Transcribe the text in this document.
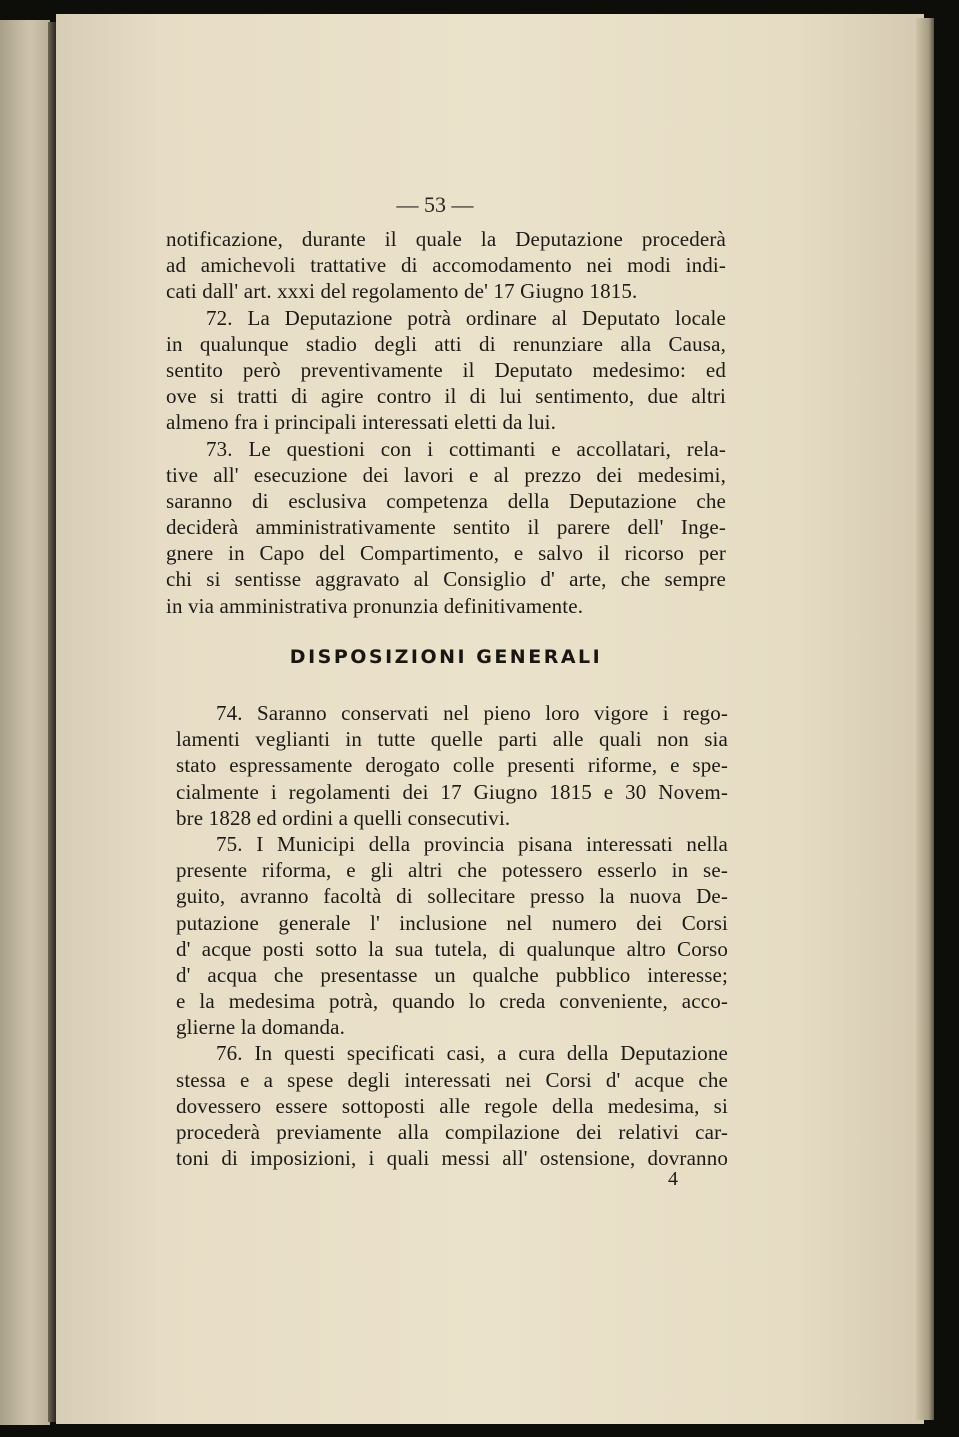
— 53 —
notificazione, durante il quale la Deputazione procederà
ad amichevoli trattative di accomodamento nei modi indi-
cati dall' art. xxxi del regolamento de' 17 Giugno 1815.
72. La Deputazione potrà ordinare al Deputato locale
in qualunque stadio degli atti di renunziare alla Causa,
sentito però preventivamente il Deputato medesimo: ed
ove si tratti di agire contro il di lui sentimento, due altri
almeno fra i principali interessati eletti da lui.
73. Le questioni con i cottimanti e accollatari, rela-
tive all' esecuzione dei lavori e al prezzo dei medesimi,
saranno di esclusiva competenza della Deputazione che
deciderà amministrativamente sentito il parere dell' Inge-
gnere in Capo del Compartimento, e salvo il ricorso per
chi si sentisse aggravato al Consiglio d' arte, che sempre
in via amministrativa pronunzia definitivamente.
DISPOSIZIONI GENERALI
74. Saranno conservati nel pieno loro vigore i rego-
lamenti veglianti in tutte quelle parti alle quali non sia
stato espressamente derogato colle presenti riforme, e spe-
cialmente i regolamenti dei 17 Giugno 1815 e 30 Novem-
bre 1828 ed ordini a quelli consecutivi.
75. I Municipi della provincia pisana interessati nella
presente riforma, e gli altri che potessero esserlo in se-
guito, avranno facoltà di sollecitare presso la nuova De-
putazione generale l' inclusione nel numero dei Corsi
d' acque posti sotto la sua tutela, di qualunque altro Corso
d' acqua che presentasse un qualche pubblico interesse;
e la medesima potrà, quando lo creda conveniente, acco-
glierne la domanda.
76. In questi specificati casi, a cura della Deputazione
stessa e a spese degli interessati nei Corsi d' acque che
dovessero essere sottoposti alle regole della medesima, si
procederà previamente alla compilazione dei relativi car-
toni di imposizioni, i quali messi all' ostensione, dovranno
4
